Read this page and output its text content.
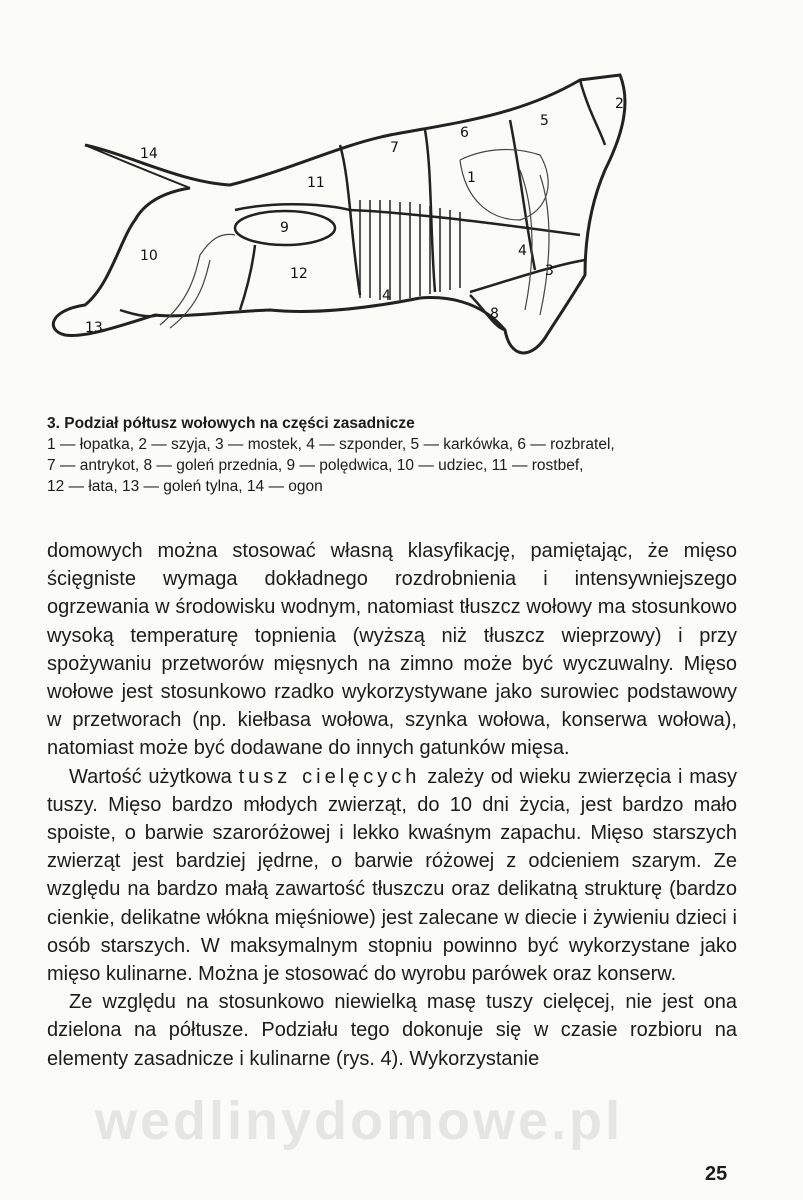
1
2
3
4
4
5
6
7
8
9
10
11
12
13
14
3. Podział półtusz wołowych na części zasadnicze
1 — łopatka, 2 — szyja, 3 — mostek, 4 — szponder, 5 — karkówka, 6 — rozbratel,
7 — antrykot, 8 — goleń przednia, 9 — polędwica, 10 — udziec, 11 — rostbef,
12 — łata, 13 — goleń tylna, 14 — ogon

domowych można stosować własną klasyfikację, pamiętając, że mięso ścięgniste wymaga dokładnego rozdrobnienia i intensywniejszego ogrzewania w środowisku wodnym, natomiast tłuszcz wołowy ma stosunkowo wysoką temperaturę topnienia (wyższą niż tłuszcz wieprzowy) i przy spożywaniu przetworów mięsnych na zimno może być wyczuwalny. Mięso wołowe jest stosunkowo rzadko wykorzystywane jako surowiec podstawowy w przetworach (np. kiełbasa wołowa, szynka wołowa, konserwa wołowa), natomiast może być dodawane do innych gatunków mięsa.

Wartość użytkowa tusz cielęcych zależy od wieku zwierzęcia i masy tuszy. Mięso bardzo młodych zwierząt, do 10 dni życia, jest bardzo mało spoiste, o barwie szaroróżowej i lekko kwaśnym zapachu. Mięso starszych zwierząt jest bardziej jędrne, o barwie różowej z odcieniem szarym. Ze względu na bardzo małą zawartość tłuszczu oraz delikatną strukturę (bardzo cienkie, delikatne włókna mięśniowe) jest zalecane w diecie i żywieniu dzieci i osób starszych. W maksymalnym stopniu powinno być wykorzystane jako mięso kulinarne. Można je stosować do wyrobu parówek oraz konserw.

Ze względu na stosunkowo niewielką masę tuszy cielęcej, nie jest ona dzielona na półtusze. Podziału tego dokonuje się w czasie rozbioru na elementy zasadnicze i kulinarne (rys. 4). Wykorzystanie

wedlinydomowe.pl
25
